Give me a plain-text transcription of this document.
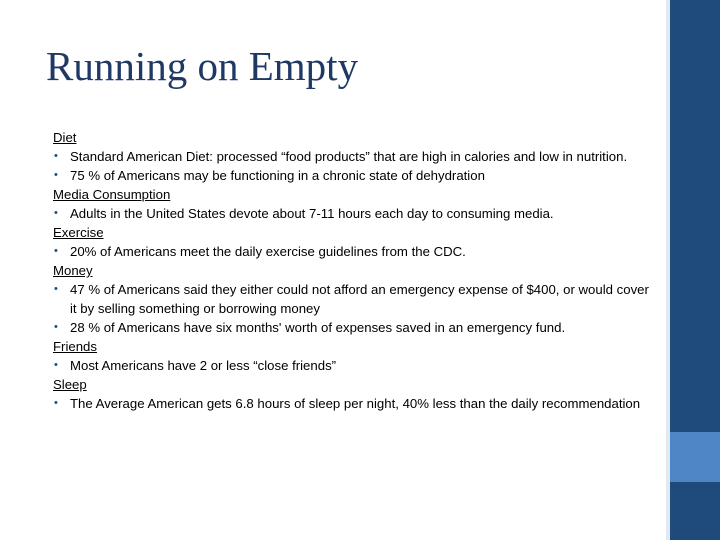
Running on Empty
Diet
• Standard American Diet: processed “food products” that are high in calories and low in nutrition.
• 75 % of Americans may be functioning in a chronic state of dehydration
Media Consumption
• Adults in the United States devote about 7-11 hours each day to consuming media.
Exercise
• 20% of Americans meet the daily exercise guidelines from the CDC.
Money
• 47 % of Americans said they either could not afford an emergency expense of $400, or would cover it by selling something or borrowing money
• 28 % of Americans have six months' worth of expenses saved in an emergency fund.
Friends
• Most Americans have 2 or less “close friends”
Sleep
• The Average American gets 6.8 hours of sleep per night, 40% less than the daily recommendation
